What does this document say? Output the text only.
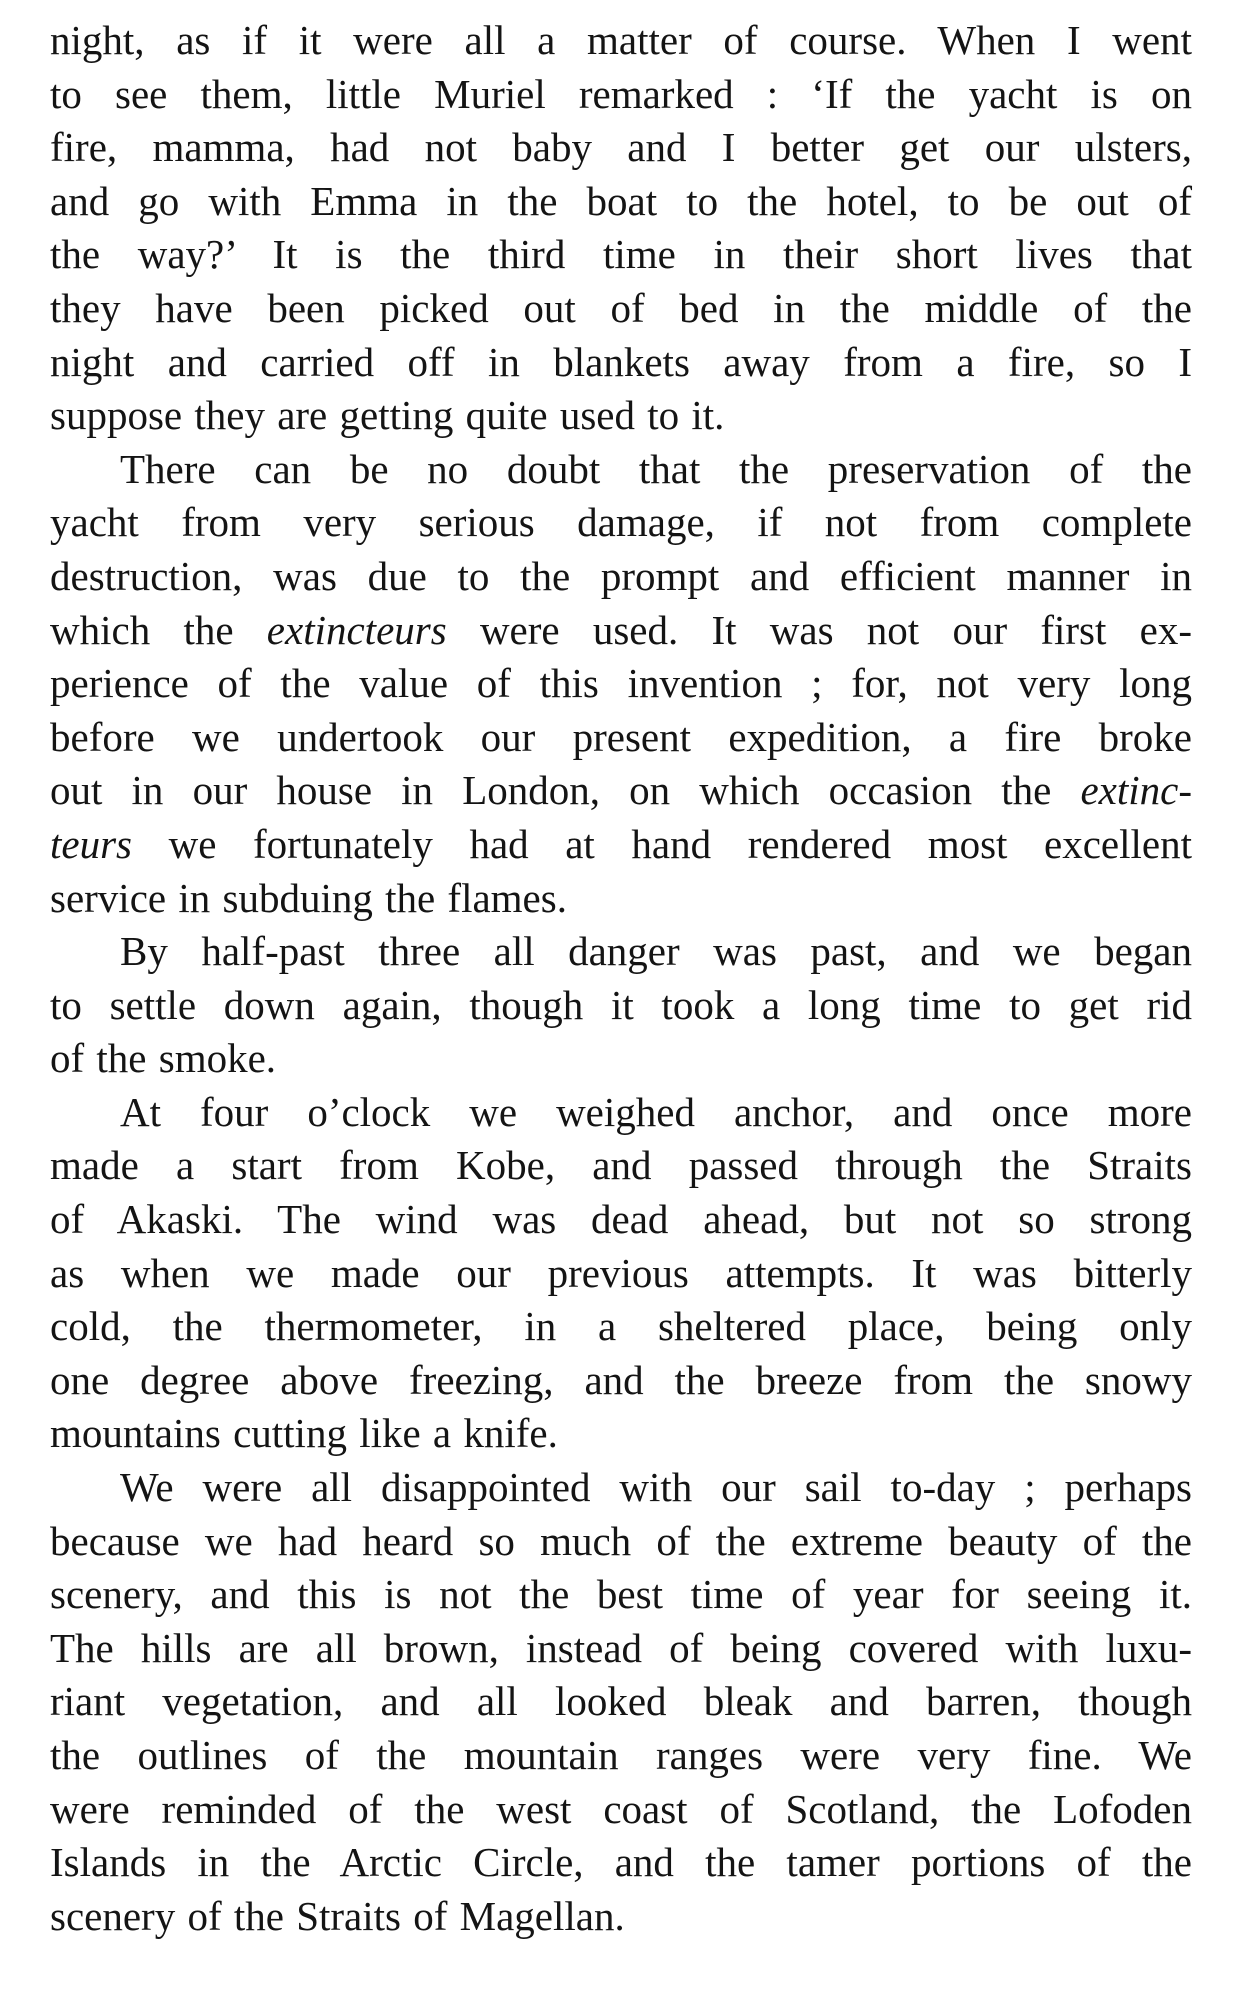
night, as if it were all a matter of course. When I went
to see them, little Muriel remarked : ‘If the yacht is on
fire, mamma, had not baby and I better get our ulsters,
and go with Emma in the boat to the hotel, to be out of
the way?’ It is the third time in their short lives that
they have been picked out of bed in the middle of the
night and carried off in blankets away from a fire, so I
suppose they are getting quite used to it.
There can be no doubt that the preservation of the
yacht from very serious damage, if not from complete
destruction, was due to the prompt and efficient manner in
which the extincteurs were used. It was not our first ex-
perience of the value of this invention ; for, not very long
before we undertook our present expedition, a fire broke
out in our house in London, on which occasion the extinc-
teurs we fortunately had at hand rendered most excellent
service in subduing the flames.
By half-past three all danger was past, and we began
to settle down again, though it took a long time to get rid
of the smoke.
At four o’clock we weighed anchor, and once more
made a start from Kobe, and passed through the Straits
of Akaski. The wind was dead ahead, but not so strong
as when we made our previous attempts. It was bitterly
cold, the thermometer, in a sheltered place, being only
one degree above freezing, and the breeze from the snowy
mountains cutting like a knife.
We were all disappointed with our sail to-day ; perhaps
because we had heard so much of the extreme beauty of the
scenery, and this is not the best time of year for seeing it.
The hills are all brown, instead of being covered with luxu-
riant vegetation, and all looked bleak and barren, though
the outlines of the mountain ranges were very fine. We
were reminded of the west coast of Scotland, the Lofoden
Islands in the Arctic Circle, and the tamer portions of the
scenery of the Straits of Magellan.
